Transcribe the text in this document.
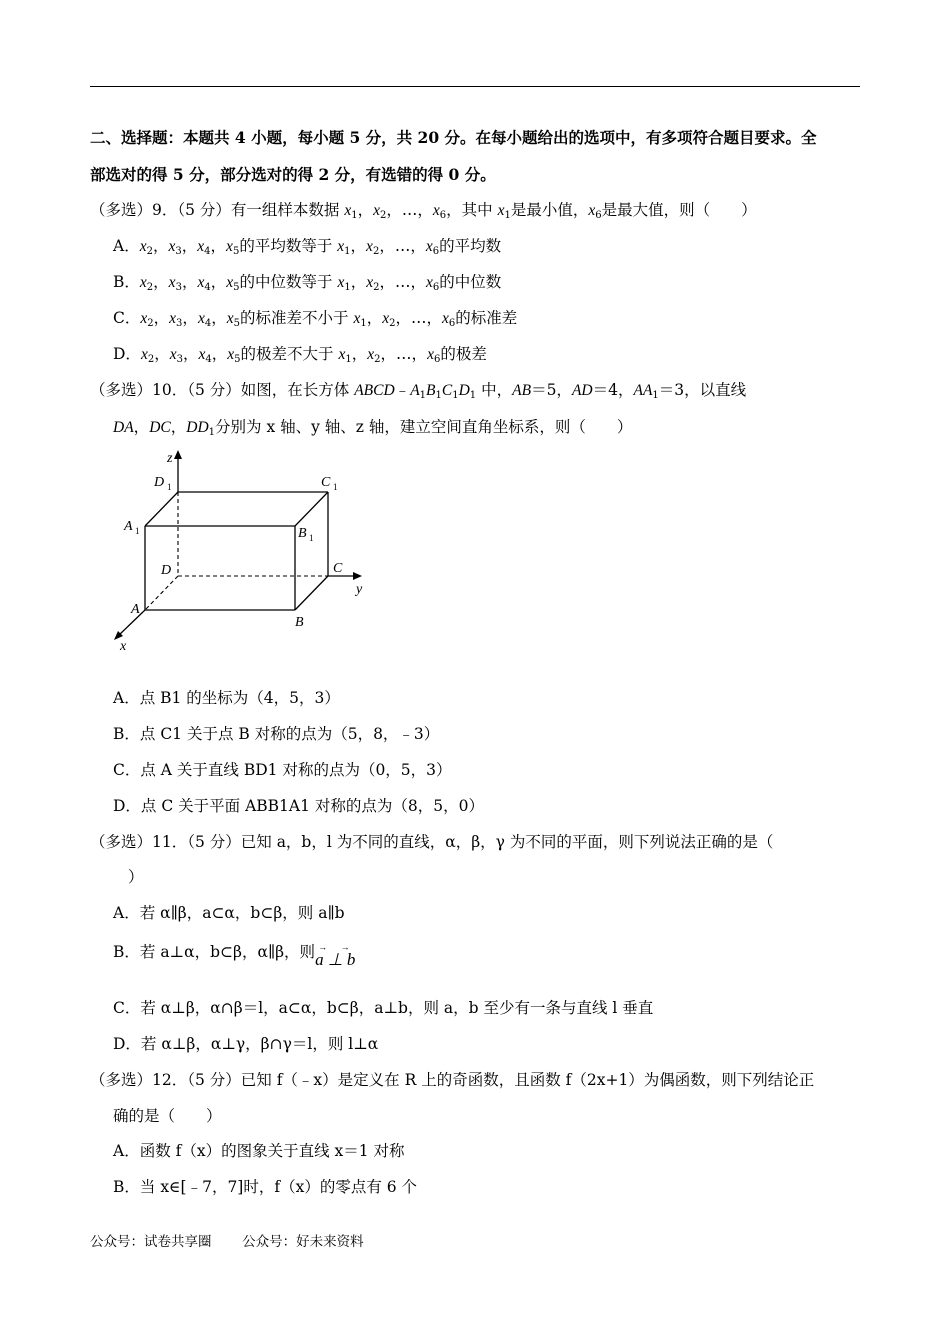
二、选择题：本题共 4 小题，每小题 5 分，共 20 分。在每小题给出的选项中，有多项符合题目要求。全
部选对的得 5 分，部分选对的得 2 分，有选错的得 0 分。
（多选）9．（5 分）有一组样本数据 $x_1$，$x_2$，…，$x_6$，其中 $x_1$是最小值，$x_6$是最大值，则（　　）
A．$x_2$，$x_3$，$x_4$，$x_5$的平均数等于 $x_1$，$x_2$，…，$x_6$的平均数
B．$x_2$，$x_3$，$x_4$，$x_5$的中位数等于 $x_1$，$x_2$，…，$x_6$的中位数
C．$x_2$，$x_3$，$x_4$，$x_5$的标准差不小于 $x_1$，$x_2$，…，$x_6$的标准差
D．$x_2$，$x_3$，$x_4$，$x_5$的极差不大于 $x_1$，$x_2$，…，$x_6$的极差
（多选）10．（5 分）如图，在长方体 $ABCD﹣A_1B_1C_1D_1$ 中，AB＝5，AD＝4，$AA_1=3$，以直线
DA，DC，$DD_1$分别为 x 轴、y 轴、z 轴，建立空间直角坐标系，则（　　）
z
y
x
D 1	C 1
A 1	B 1
D	C
A
B
A．点 B1 的坐标为（4，5，3）
B．点 C1 关于点 B 对称的点为（5，8，﹣3）
C．点 A 关于直线 BD1 对称的点为（0，5，3）
D．点 C 关于平面 ABB1A1 对称的点为（8，5，0）
（多选）11．（5 分）已知 a，b，l 为不同的直线，α，β，γ 为不同的平面，则下列说法正确的是（
）
A．若 α∥β，a⊂α，b⊂β，则 a∥b
B．若 a⊥α，b⊂β，α∥β，则 →      →
a ⊥ b
C．若 α⊥β，α∩β＝l，a⊂α，b⊂β，a⊥b，则 a，b 至少有一条与直线 l 垂直
D．若 α⊥β，α⊥γ，β∩γ＝l，则 l⊥α
（多选）12．（5 分）已知 f（﹣x）是定义在 R 上的奇函数，且函数 f（2x+1）为偶函数，则下列结论正
确的是（　　）
A．函数 f（x）的图象关于直线 x＝1 对称
B．当 x∈[﹣7，7]时，f（x）的零点有 6 个
公众号：试卷共享圈 公众号：好未来资料
